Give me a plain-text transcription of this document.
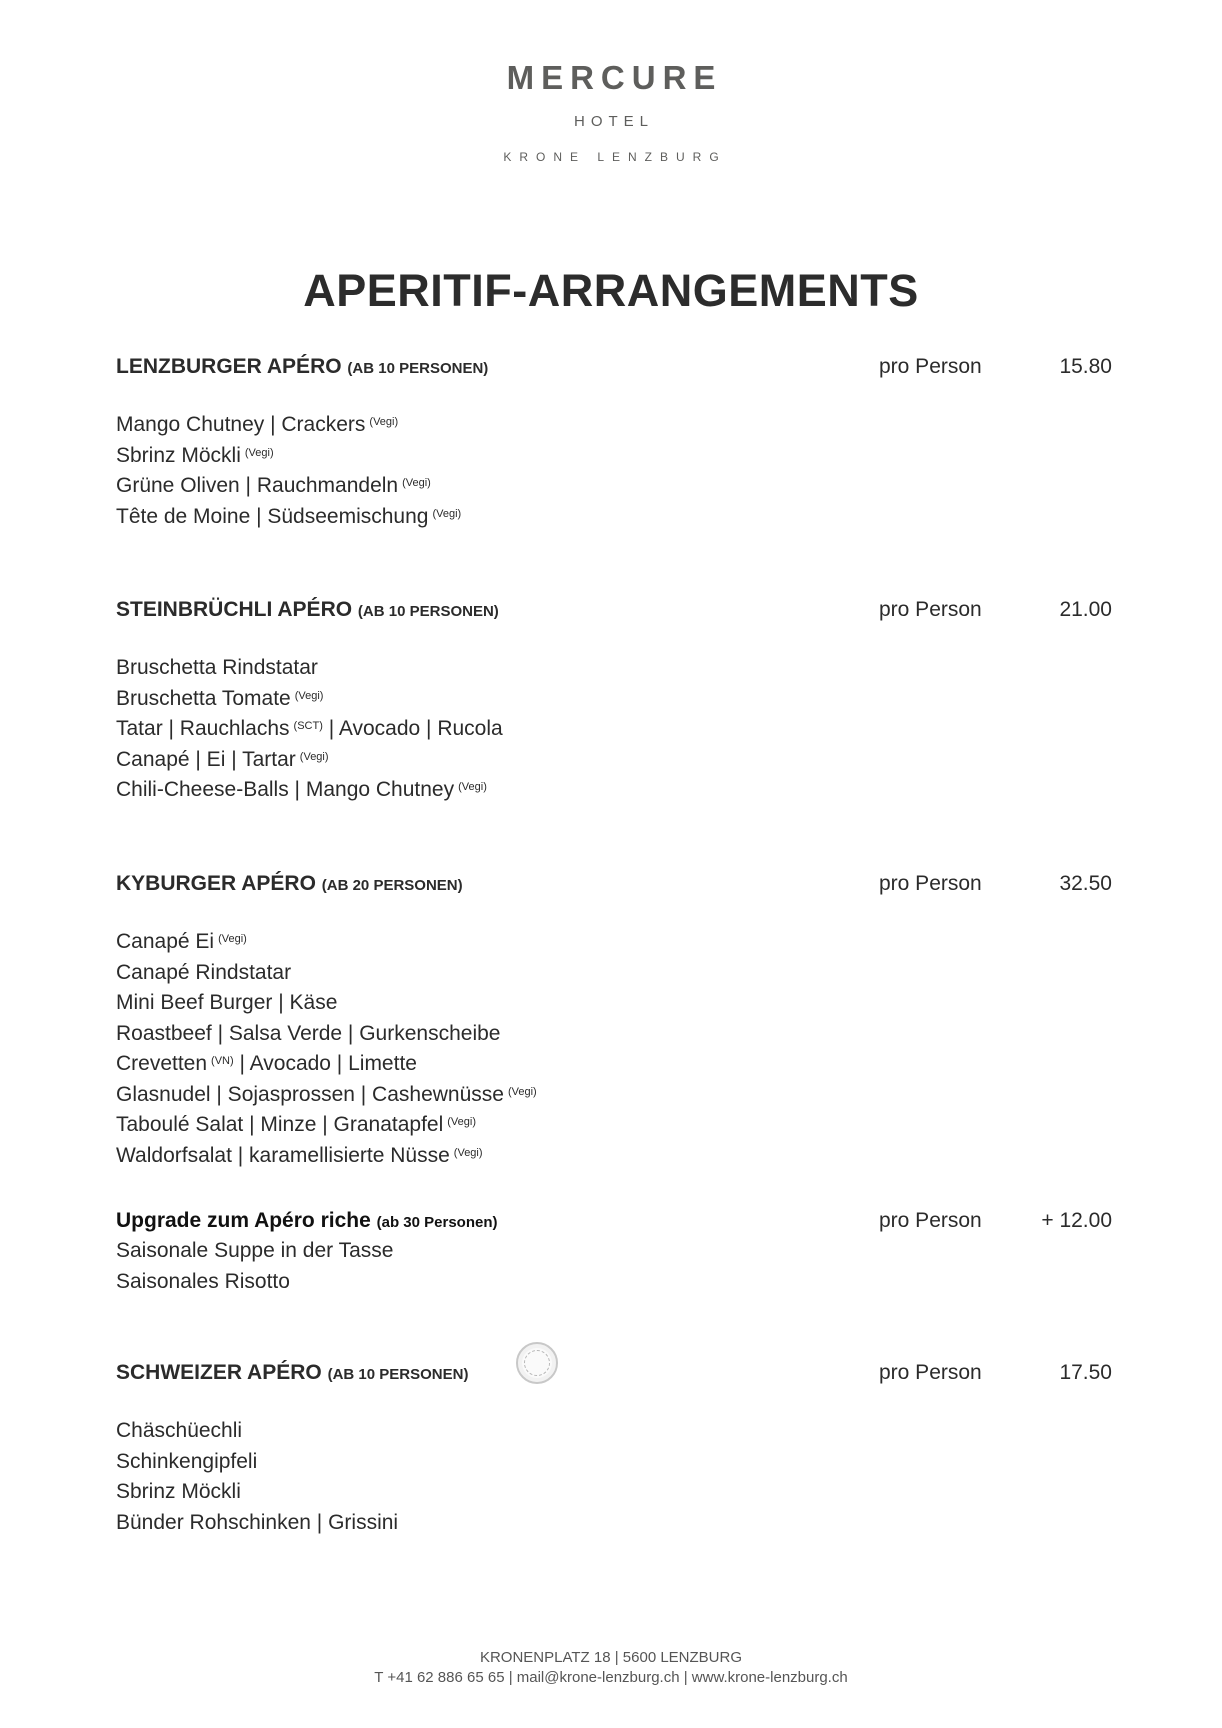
MERCURE
HOTEL
KRONE LENZBURG
APERITIF-ARRANGEMENTS
LENZBURGER APÉRO (AB 10 PERSONEN)	pro Person	15.80
Mango Chutney | Crackers $^{(Vegi)}$
Sbrinz Möckli $^{(Vegi)}$
Grüne Oliven | Rauchmandeln $^{(Vegi)}$
Tête de Moine | Südseemischung $^{(Vegi)}$
STEINBRÜCHLI APÉRO (AB 10 PERSONEN)	pro Person	21.00
Bruschetta Rindstatar
Bruschetta Tomate $^{(Vegi)}$
Tatar | Rauchlachs $^{(SCT)}$ | Avocado | Rucola
Canapé | Ei | Tartar $^{(Vegi)}$
Chili-Cheese-Balls | Mango Chutney $^{(Vegi)}$
KYBURGER APÉRO (AB 20 PERSONEN)	pro Person	32.50
Canapé Ei $^{(Vegi)}$
Canapé Rindstatar
Mini Beef Burger | Käse
Roastbeef | Salsa Verde | Gurkenscheibe
Crevetten $^{(VN)}$ | Avocado | Limette
Glasnudel | Sojasprossen | Cashewnüsse $^{(Vegi)}$
Taboulé Salat | Minze | Granatapfel $^{(Vegi)}$
Waldorfsalat | karamellisierte Nüsse $^{(Vegi)}$
Upgrade zum Apéro riche (ab 30 Personen)	pro Person	+ 12.00
Saisonale Suppe in der Tasse
Saisonales Risotto
SCHWEIZER APÉRO (AB 10 PERSONEN)	pro Person	17.50
Chäschüechli
Schinkengipfeli
Sbrinz Möckli
Bünder Rohschinken | Grissini
KRONENPLATZ 18 | 5600 LENZBURG
T +41 62 886 65 65 | mail@krone-lenzburg.ch | www.krone-lenzburg.ch
